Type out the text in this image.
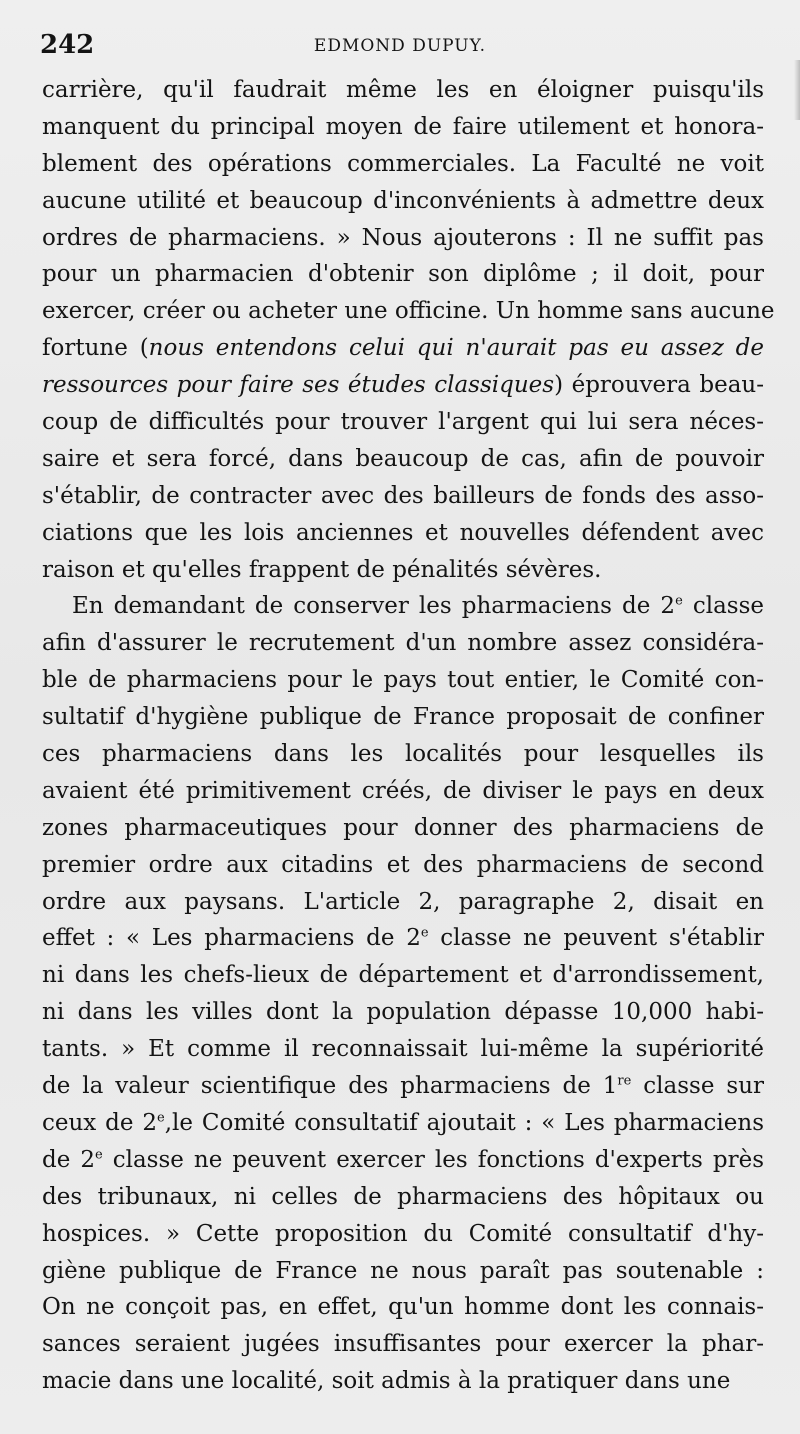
242	EDMOND DUPUY.
carrière, qu'il faudrait même les en éloigner puisqu'ils
manquent du principal moyen de faire utilement et honora-
blement des opérations commerciales. La Faculté ne voit
aucune utilité et beaucoup d'inconvénients à admettre deux
ordres de pharmaciens. » Nous ajouterons : Il ne suffit pas
pour un pharmacien d'obtenir son diplôme ; il doit, pour
exercer, créer ou acheter une officine. Un homme sans aucune
fortune (nous entendons celui qui n'aurait pas eu assez de
ressources pour faire ses études classiques) éprouvera beau-
coup de difficultés pour trouver l'argent qui lui sera néces-
saire et sera forcé, dans beaucoup de cas, afin de pouvoir
s'établir, de contracter avec des bailleurs de fonds des asso-
ciations que les lois anciennes et nouvelles défendent avec
raison et qu'elles frappent de pénalités sévères.
En demandant de conserver les pharmaciens de 2e classe
afin d'assurer le recrutement d'un nombre assez considéra-
ble de pharmaciens pour le pays tout entier, le Comité con-
sultatif d'hygiène publique de France proposait de confiner
ces pharmaciens dans les localités pour lesquelles ils
avaient été primitivement créés, de diviser le pays en deux
zones pharmaceutiques pour donner des pharmaciens de
premier ordre aux citadins et des pharmaciens de second
ordre aux paysans. L'article 2, paragraphe 2, disait en
effet : « Les pharmaciens de 2e classe ne peuvent s'établir
ni dans les chefs-lieux de département et d'arrondissement,
ni dans les villes dont la population dépasse 10,000 habi-
tants. » Et comme il reconnaissait lui-même la supériorité
de la valeur scientifique des pharmaciens de 1re classe sur
ceux de 2e,le Comité consultatif ajoutait : « Les pharmaciens
de 2e classe ne peuvent exercer les fonctions d'experts près
des tribunaux, ni celles de pharmaciens des hôpitaux ou
hospices. » Cette proposition du Comité consultatif d'hy-
giène publique de France ne nous paraît pas soutenable :
On ne conçoit pas, en effet, qu'un homme dont les connais-
sances seraient jugées insuffisantes pour exercer la phar-
macie dans une localité, soit admis à la pratiquer dans une
